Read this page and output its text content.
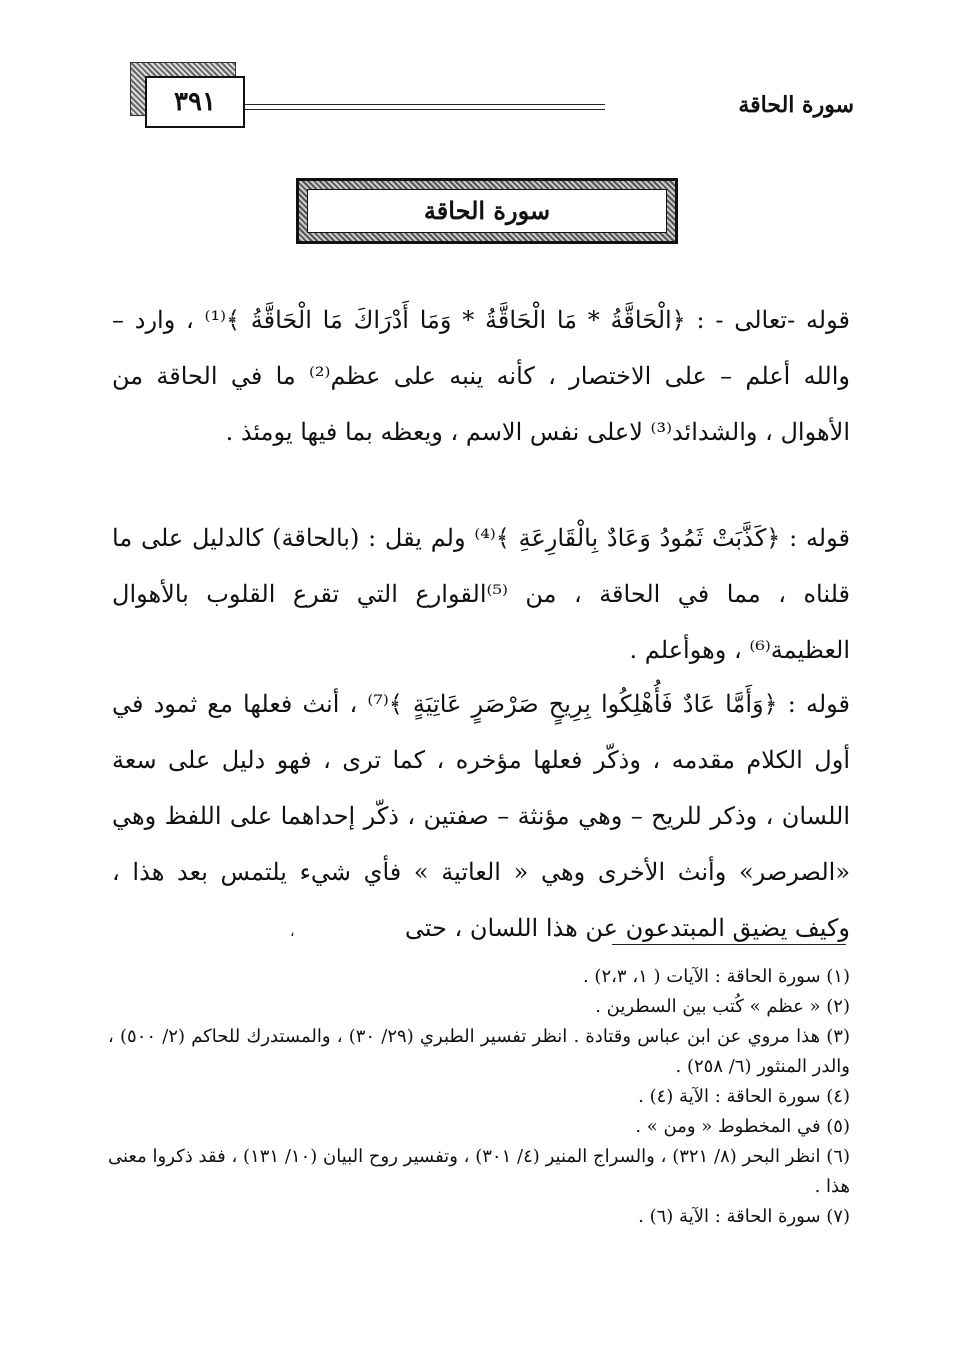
سورة الحاقة
٣٩١
سورة الحاقة

قوله -تعالى - : ﴿الْحَاقَّةُ * مَا الْحَاقَّةُ * وَمَا أَدْرَاكَ مَا الْحَاقَّةُ ﴾⁽¹⁾ ، وارد – والله أعلم – على الاختصار ، كأنه ينبه على عظم⁽²⁾ ما في الحاقة من الأهوال ، والشدائد⁽³⁾ لاعلى نفس الاسم ، ويعظه بما فيها يومئذ .

قوله : ﴿كَذَّبَتْ ثَمُودُ وَعَادٌ بِالْقَارِعَةِ ﴾⁽⁴⁾ ولم يقل : (بالحاقة) كالدليل على ما قلناه ، مما في الحاقة ، من ⁽⁵⁾القوارع التي تقرع القلوب بالأهوال العظيمة⁽⁶⁾ ، وهوأعلم .

قوله : ﴿وَأَمَّا عَادٌ فَأُهْلِكُوا بِرِيحٍ صَرْصَرٍ عَاتِيَةٍ ﴾⁽⁷⁾ ، أنث فعلها مع ثمود في أول الكلام مقدمه ، وذكّر فعلها مؤخره ، كما ترى ، فهو دليل على سعة اللسان ، وذكر للريح – وهي مؤنثة – صفتين ، ذكّر إحداهما على اللفظ وهي «الصرصر» وأنث الأخرى وهي « العاتية » فأي شيء يلتمس بعد هذا ، وكيف يضيق المبتدعون عن هذا اللسان ، حتى

،

(١) سورة الحاقة : الآيات ( ١، ٢،٣) .

(٢) « عظم » كُتب بين السطرين .

(٣) هذا مروي عن ابن عباس وقتادة . انظر تفسير الطبري (٢٩/ ٣٠) ، والمستدرك للحاكم (٢/ ٥٠٠) ، والدر المنثور (٦/ ٢٥٨) .

(٤) سورة الحاقة : الآية (٤) .

(٥) في المخطوط « ومن » .

(٦) انظر البحر (٨/ ٣٢١) ، والسراج المنير (٤/ ٣٠١) ، وتفسير روح البيان (١٠/ ١٣١) ، فقد ذكروا معنى هذا .

(٧) سورة الحاقة : الآية (٦) .
